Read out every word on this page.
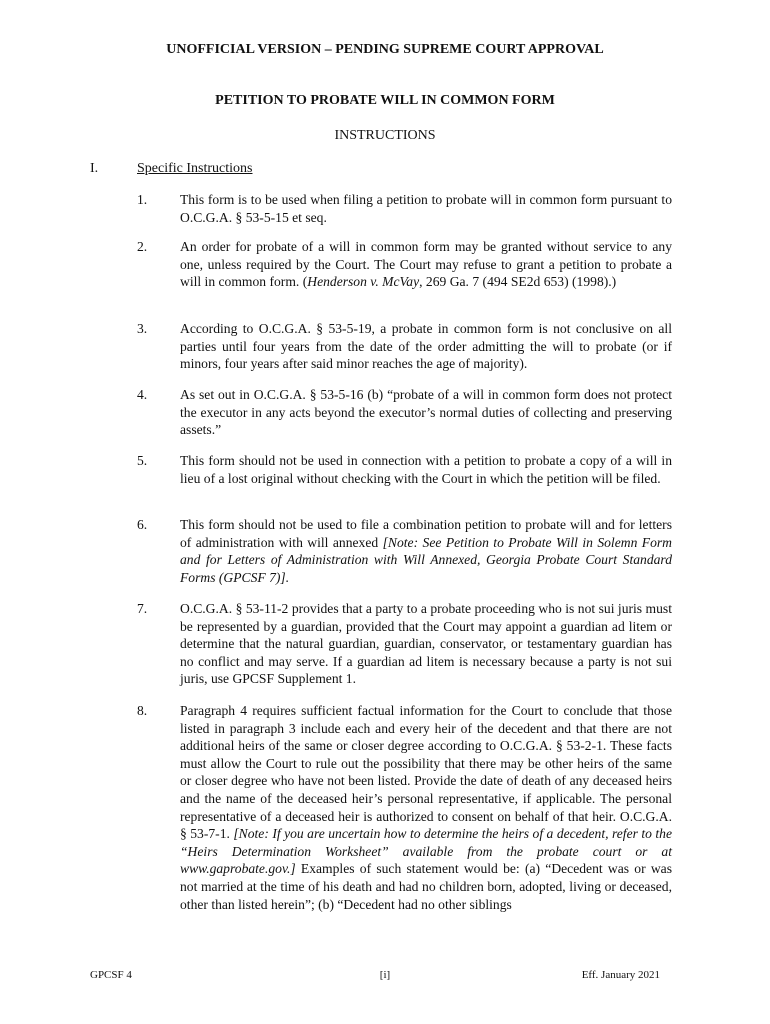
UNOFFICIAL VERSION – PENDING SUPREME COURT APPROVAL
PETITION TO PROBATE WILL IN COMMON FORM
INSTRUCTIONS
I.	Specific Instructions
1. This form is to be used when filing a petition to probate will in common form pursuant to O.C.G.A. § 53-5-15 et seq.
2. An order for probate of a will in common form may be granted without service to any one, unless required by the Court. The Court may refuse to grant a petition to probate a will in common form. (Henderson v. McVay, 269 Ga. 7 (494 SE2d 653) (1998).)
3. According to O.C.G.A. § 53-5-19, a probate in common form is not conclusive on all parties until four years from the date of the order admitting the will to probate (or if minors, four years after said minor reaches the age of majority).
4. As set out in O.C.G.A. § 53-5-16 (b) “probate of a will in common form does not protect the executor in any acts beyond the executor’s normal duties of collecting and preserving assets.”
5. This form should not be used in connection with a petition to probate a copy of a will in lieu of a lost original without checking with the Court in which the petition will be filed.
6. This form should not be used to file a combination petition to probate will and for letters of administration with will annexed [Note: See Petition to Probate Will in Solemn Form and for Letters of Administration with Will Annexed, Georgia Probate Court Standard Forms (GPCSF 7)].
7. O.C.G.A. § 53-11-2 provides that a party to a probate proceeding who is not sui juris must be represented by a guardian, provided that the Court may appoint a guardian ad litem or determine that the natural guardian, guardian, conservator, or testamentary guardian has no conflict and may serve. If a guardian ad litem is necessary because a party is not sui juris, use GPCSF Supplement 1.
8. Paragraph 4 requires sufficient factual information for the Court to conclude that those listed in paragraph 3 include each and every heir of the decedent and that there are not additional heirs of the same or closer degree according to O.C.G.A. § 53-2-1. These facts must allow the Court to rule out the possibility that there may be other heirs of the same or closer degree who have not been listed. Provide the date of death of any deceased heirs and the name of the deceased heir’s personal representative, if applicable. The personal representative of a deceased heir is authorized to consent on behalf of that heir. O.C.G.A. § 53-7-1. [Note: If you are uncertain how to determine the heirs of a decedent, refer to the “Heirs Determination Worksheet” available from the probate court or at www.gaprobate.gov.] Examples of such statement would be: (a) “Decedent was or was not married at the time of his death and had no children born, adopted, living or deceased, other than listed herein”; (b) “Decedent had no other siblings
GPCSF 4	[i]	Eff. January 2021
